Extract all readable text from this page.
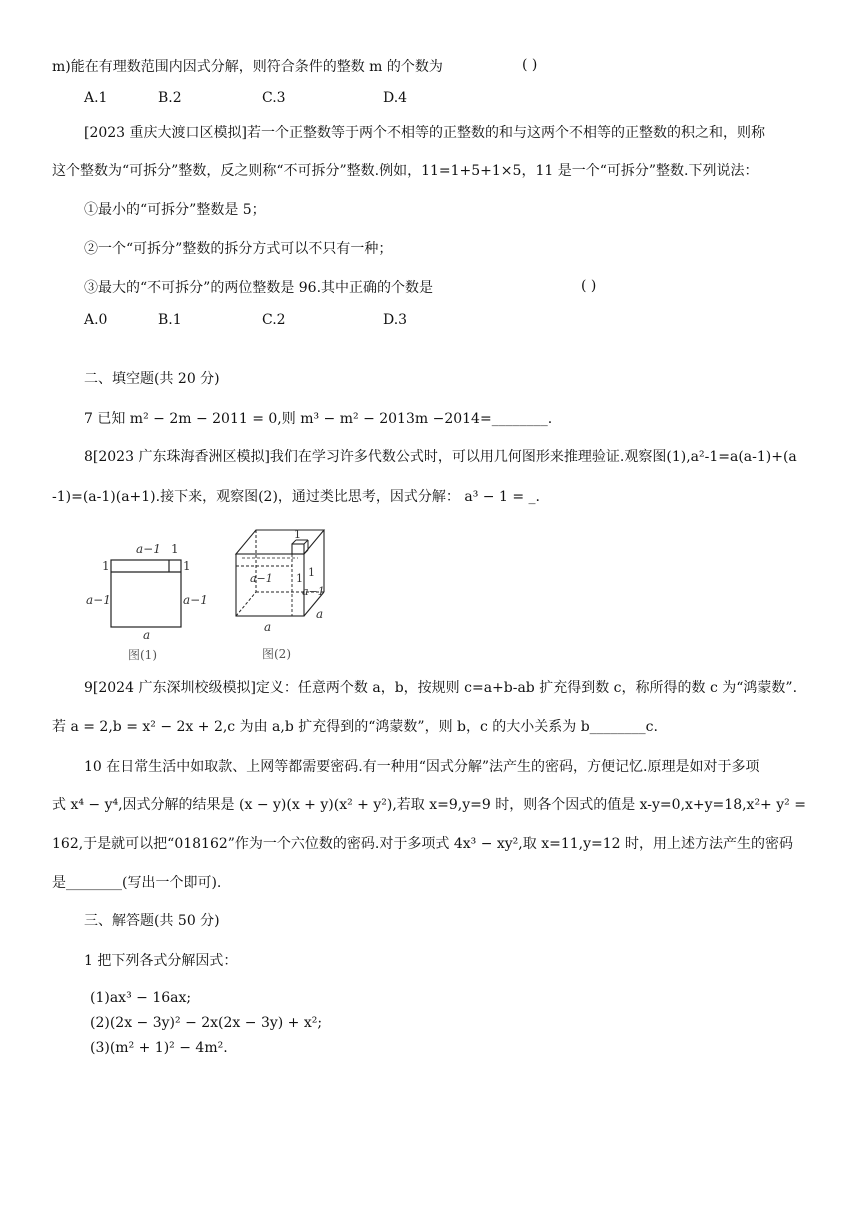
m)能在有理数范围内因式分解，则符合条件的整数 m 的个数为	( )
A.1	B.2	C.3	D.4
[2023 重庆大渡口区模拟]若一个正整数等于两个不相等的正整数的和与这两个不相等的正整数的积之和，则称
这个整数为“可拆分”整数，反之则称“不可拆分”整数.例如，11=1+5+1×5，11 是一个“可拆分”整数.下列说法：
①最小的“可拆分”整数是 5；
②一个“可拆分”整数的拆分方式可以不只有一种；
③最大的“不可拆分”的两位整数是 96.其中正确的个数是	( )
A.0	B.1	C.2	D.3
二、填空题(共 20 分)
7 已知 m² − 2m − 2011 = 0,则 m³ − m² − 2013m −2014=________.
8[2023 广东珠海香洲区模拟]我们在学习许多代数公式时，可以用几何图形来推理验证.观察图(1),a²-1=a(a-1)+(a
-1)=(a-1)(a+1).接下来，观察图(2)，通过类比思考，因式分解： a³ − 1 = _.
a−1 1
1
a−1
1
a−1
a
图(1)
1
a−1 1 1
a−1
a
a
图(2)
9[2024 广东深圳校级模拟]定义：任意两个数 a，b，按规则 c=a+b-ab 扩充得到数 c，称所得的数 c 为“鸿蒙数”.
若 a = 2,b = x² − 2x + 2,c 为由 a,b 扩充得到的“鸿蒙数”，则 b，c 的大小关系为 b________c.
10 在日常生活中如取款、上网等都需要密码.有一种用“因式分解”法产生的密码，方便记忆.原理是如对于多项
式 x⁴ − y⁴,因式分解的结果是 (x − y)(x + y)(x² + y²),若取 x=9,y=9 时，则各个因式的值是 x-y=0,x+y=18,x²+ y² =
162,于是就可以把“018162”作为一个六位数的密码.对于多项式 4x³ − xy²,取 x=11,y=12 时，用上述方法产生的密码
是________(写出一个即可).
三、解答题(共 50 分)
1 把下列各式分解因式：
(1)ax³ − 16ax;
(2)(2x − 3y)² − 2x(2x − 3y) + x²;
(3)(m² + 1)² − 4m².
